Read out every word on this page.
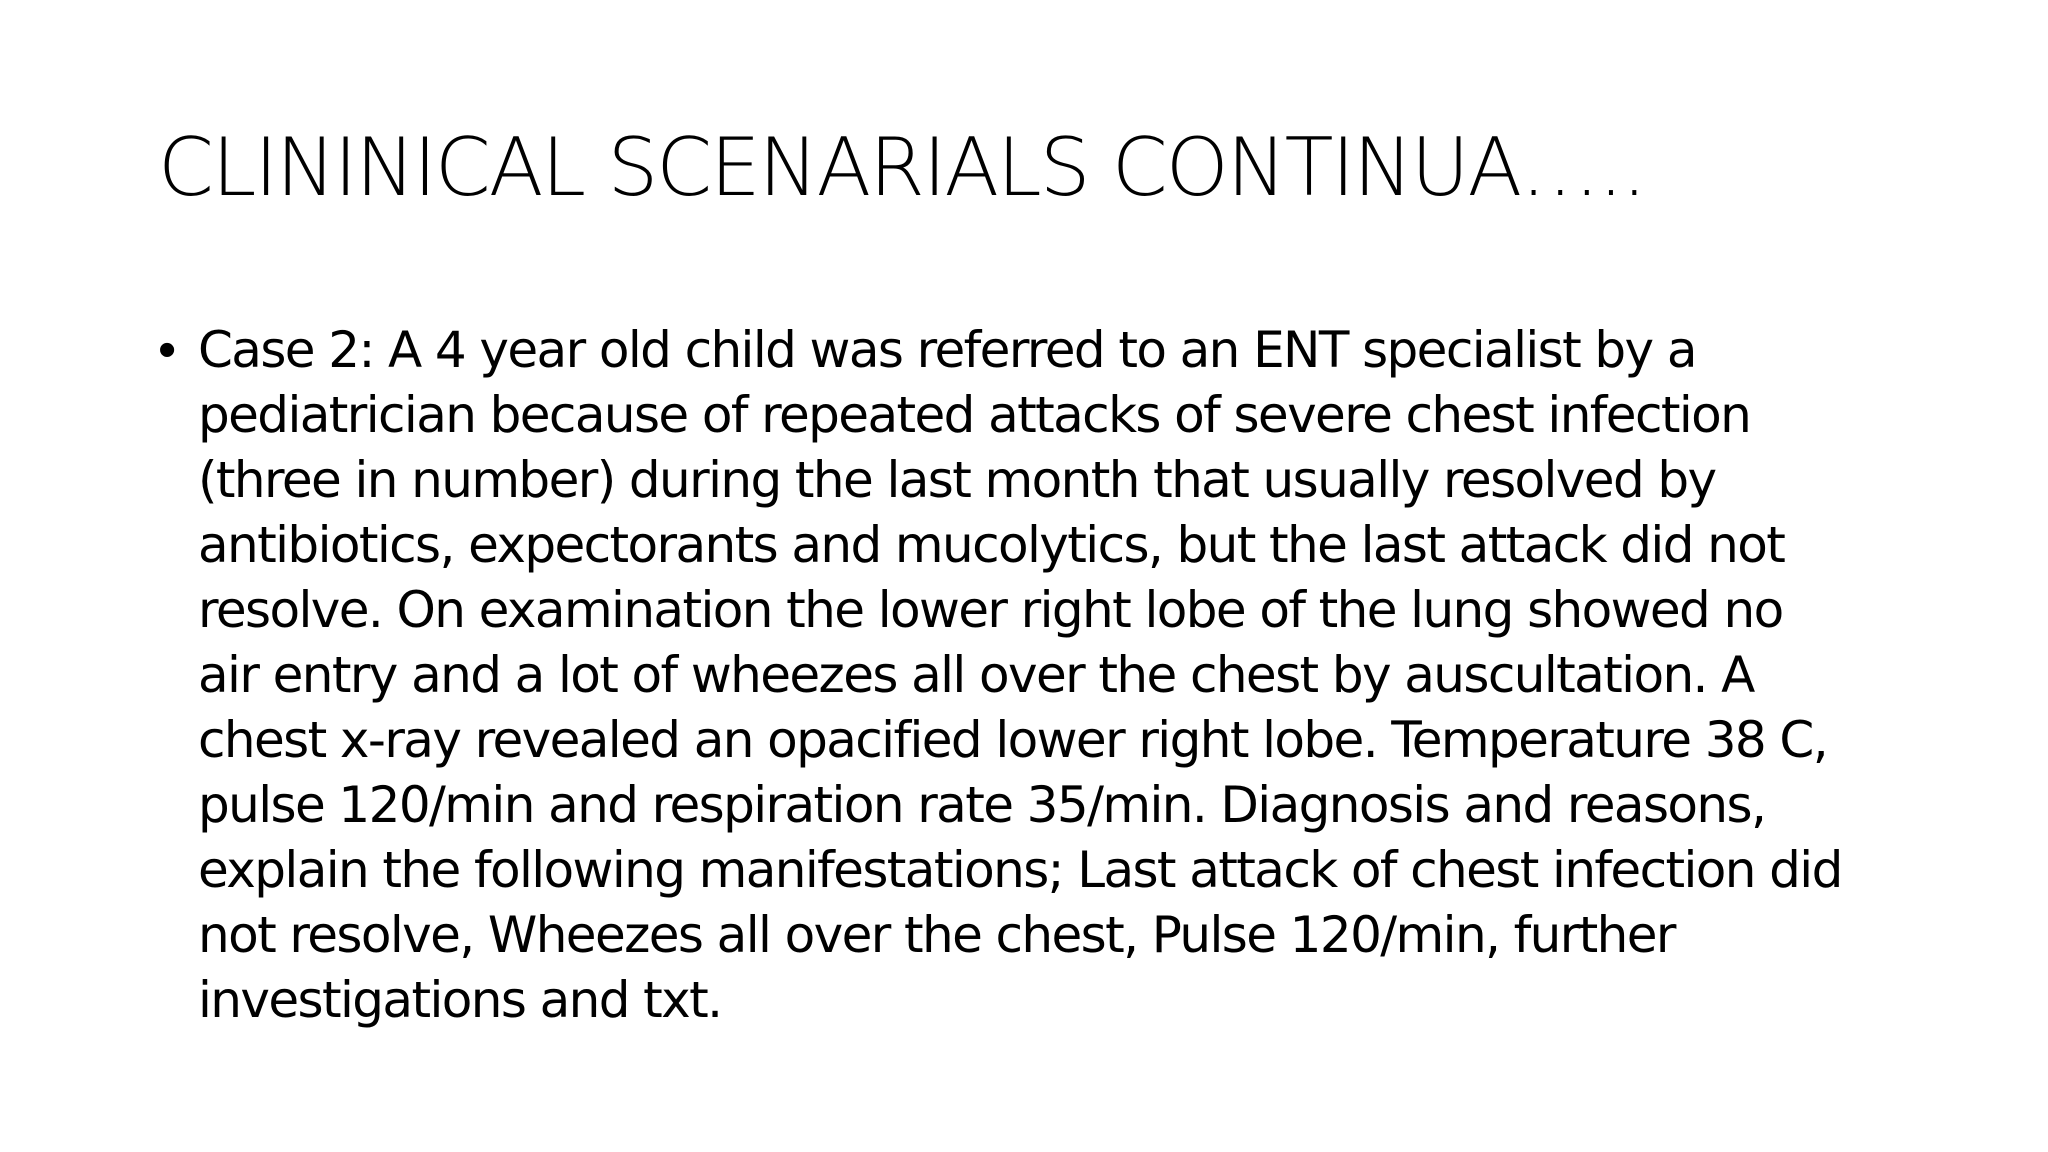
CLININICAL SCENARIALS CONTINUA…..
• Case 2: A 4 year old child was referred to an ENT specialist by a
pediatrician because of repeated attacks of severe chest infection
(three in number) during the last month that usually resolved by
antibiotics, expectorants and mucolytics, but the last attack did not
resolve. On examination the lower right lobe of the lung showed no
air entry and a lot of wheezes all over the chest by auscultation. A
chest x-ray revealed an opacified lower right lobe. Temperature 38 C,
pulse 120/min and respiration rate 35/min. Diagnosis and reasons,
explain the following manifestations; Last attack of chest infection did
not resolve, Wheezes all over the chest, Pulse 120/min, further
investigations and txt.
